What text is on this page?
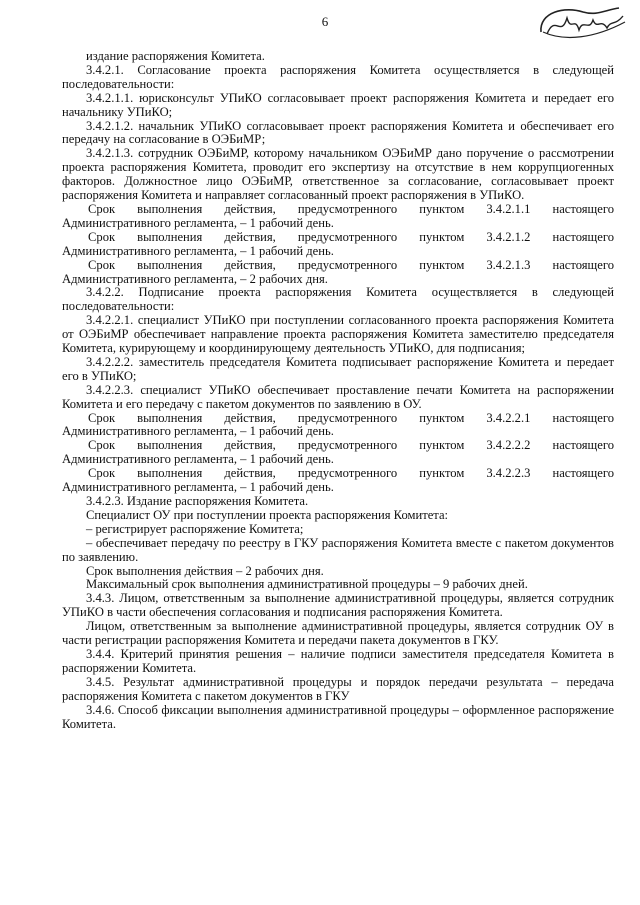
6

издание распоряжения Комитета.

3.4.2.1. Согласование проекта распоряжения Комитета осуществляется в следующей последовательности:

3.4.2.1.1. юрисконсульт УПиКО согласовывает проект распоряжения Комитета и передает его начальнику УПиКО;

3.4.2.1.2. начальник УПиКО согласовывает проект распоряжения Комитета и обеспечивает его передачу на согласование в ОЭБиМР;

3.4.2.1.3. сотрудник ОЭБиМР, которому начальником ОЭБиМР дано поручение о рассмотрении проекта распоряжения Комитета, проводит его экспертизу на отсутствие в нем коррупциогенных факторов. Должностное лицо ОЭБиМР, ответственное за согласование, согласовывает проект распоряжения Комитета и направляет согласованный проект распоряжения в УПиКО.

Срок выполнения действия, предусмотренного пунктом 3.4.2.1.1 настоящего

Административного регламента, – 1 рабочий день.

Срок выполнения действия, предусмотренного пунктом 3.4.2.1.2 настоящего

Административного регламента, – 1 рабочий день.

Срок выполнения действия, предусмотренного пунктом 3.4.2.1.3 настоящего

Административного регламента, – 2 рабочих дня.

3.4.2.2. Подписание проекта распоряжения Комитета осуществляется в следующей последовательности:

3.4.2.2.1. специалист УПиКО при поступлении согласованного проекта распоряжения Комитета от ОЭБиМР обеспечивает направление проекта распоряжения Комитета заместителю председателя Комитета, курирующему и координирующему деятельность УПиКО, для подписания;

3.4.2.2.2. заместитель председателя Комитета подписывает распоряжение Комитета и передает его в УПиКО;

3.4.2.2.3. специалист УПиКО обеспечивает проставление печати Комитета на распоряжении Комитета и его передачу с пакетом документов по заявлению в ОУ.

Срок выполнения действия, предусмотренного пунктом 3.4.2.2.1 настоящего

Административного регламента, – 1 рабочий день.

Срок выполнения действия, предусмотренного пунктом 3.4.2.2.2 настоящего

Административного регламента, – 1 рабочий день.

Срок выполнения действия, предусмотренного пунктом 3.4.2.2.3 настоящего

Административного регламента, – 1 рабочий день.

3.4.2.3. Издание распоряжения Комитета.

Специалист ОУ при поступлении проекта распоряжения Комитета:

– регистрирует распоряжение Комитета;

– обеспечивает передачу по реестру в ГКУ распоряжения Комитета вместе с пакетом документов по заявлению.

Срок выполнения действия – 2 рабочих дня.

Максимальный срок выполнения административной процедуры – 9 рабочих дней.

3.4.3. Лицом, ответственным за выполнение административной процедуры, является сотрудник УПиКО в части обеспечения согласования и подписания распоряжения Комитета.

Лицом, ответственным за выполнение административной процедуры, является сотрудник ОУ в части регистрации распоряжения Комитета и передачи пакета документов в ГКУ.

3.4.4. Критерий принятия решения – наличие подписи заместителя председателя Комитета в распоряжении Комитета.

3.4.5. Результат административной процедуры и порядок передачи результата – передача распоряжения Комитета с пакетом документов в ГКУ

3.4.6. Способ фиксации выполнения административной процедуры – оформленное распоряжение Комитета.
